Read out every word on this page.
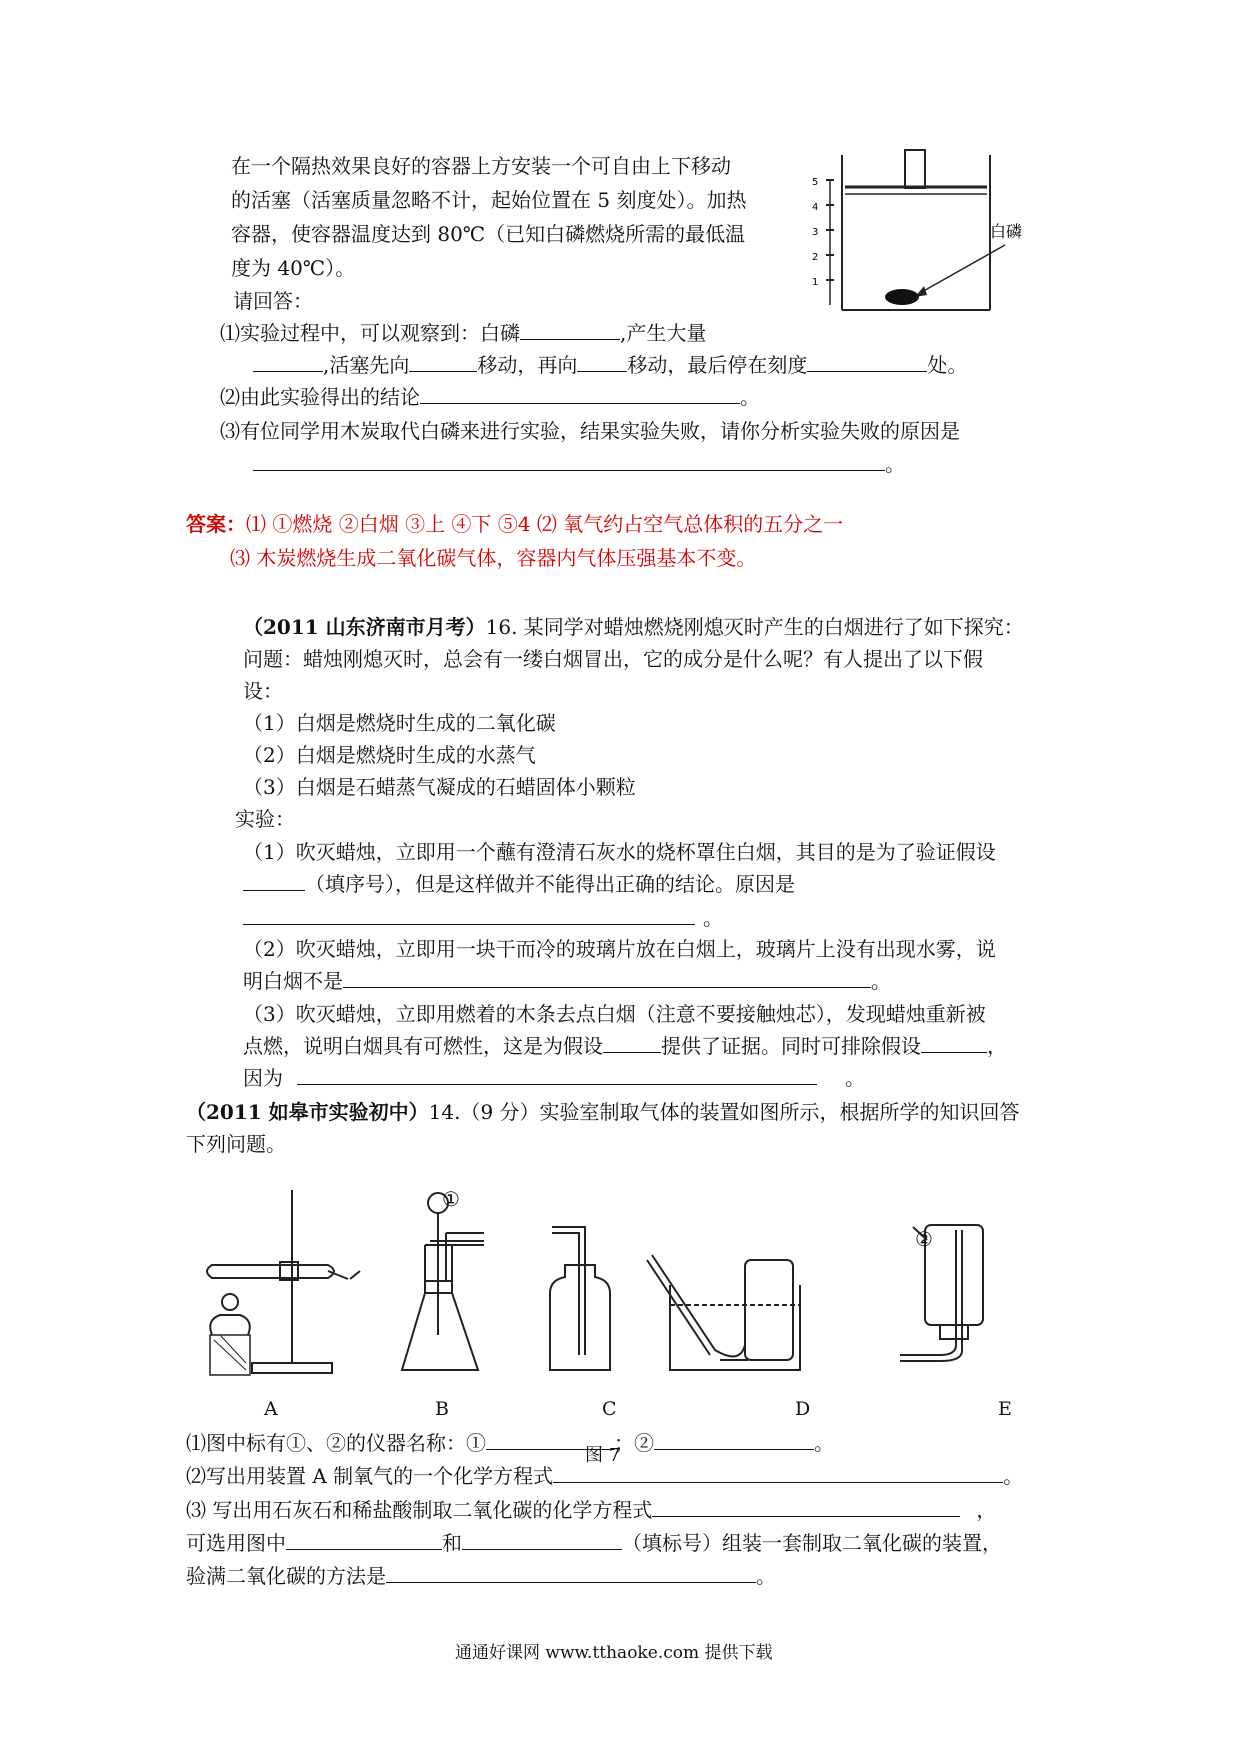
在一个隔热效果良好的容器上方安装一个可自由上下移动
的活塞（活塞质量忽略不计，起始位置在 5 刻度处）。加热
容器，使容器温度达到 80℃（已知白磷燃烧所需的最低温
度为 40℃）。
请回答：
5
4
3
2
1
白磷
⑴实验过程中，可以观察到：白磷	,产生大量
,活塞先向	移动，再向	移动，最后停在刻度	处。
⑵由此实验得出的结论	。
⑶有位同学用木炭取代白磷来进行实验，结果实验失败，请你分析实验失败的原因是
。
答案：⑴ ①燃烧 ②白烟 ③上 ④下 ⑤4 ⑵ 氧气约占空气总体积的五分之一
⑶ 木炭燃烧生成二氧化碳气体，容器内气体压强基本不变。
（2011 山东济南市月考）16. 某同学对蜡烛燃烧刚熄灭时产生的白烟进行了如下探究：
问题：蜡烛刚熄灭时，总会有一缕白烟冒出，它的成分是什么呢？有人提出了以下假
设：
（1）白烟是燃烧时生成的二氧化碳
（2）白烟是燃烧时生成的水蒸气
（3）白烟是石蜡蒸气凝成的石蜡固体小颗粒
实验：
（1）吹灭蜡烛，立即用一个蘸有澄清石灰水的烧杯罩住白烟，其目的是为了验证假设
（填序号），但是这样做并不能得出正确的结论。原因是
。
（2）吹灭蜡烛，立即用一块干而冷的玻璃片放在白烟上，玻璃片上没有出现水雾，说
明白烟不是	。
（3）吹灭蜡烛，立即用燃着的木条去点白烟（注意不要接触烛芯），发现蜡烛重新被
点燃，说明白烟具有可燃性，这是为假设	提供了证据。同时可排除假设	，
因为	。
（2011 如皋市实验初中）14.（9 分）实验室制取气体的装置如图所示，根据所学的知识回答
下列问题。
①
②
A	B	C	D	E
⑴图中标有①、②的仪器名称：①	；②	。
图 7
⑵写出用装置 A 制氧气的一个化学方程式	。
⑶ 写出用石灰石和稀盐酸制取二氧化碳的化学方程式	，
可选用图中	和	（填标号）组装一套制取二氧化碳的装置，
验满二氧化碳的方法是	。
通通好课网 www.tthaoke.com 提供下载
